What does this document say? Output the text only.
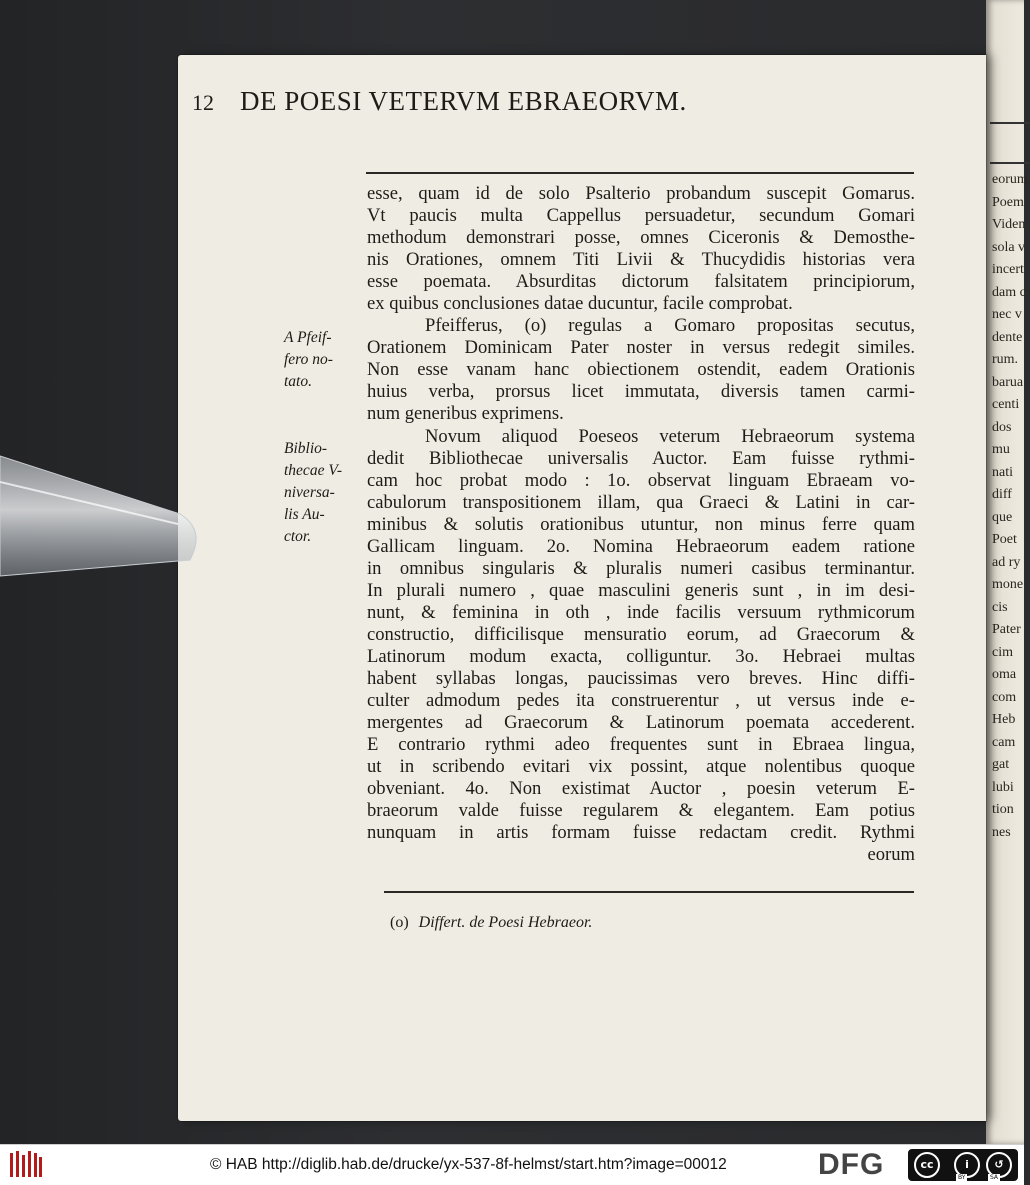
eorum
Poem
Viden
sola v
incert
dam c
nec v
dente
rum.
barua
centi
dos
mu
nati
diff
que
Poet
ad ry
mone
cis
Pater
cim
oma
com
Heb
cam
gat
lubi
tion
nes
12 DE POESI VETERVM EBRAEORVM.
esse, quam id de solo Psalterio probandum suscepit Gomarus.
Vt paucis multa Cappellus persuadetur, secundum Gomari
methodum demonstrari posse, omnes Ciceronis & Demosthe-
nis Orationes, omnem Titi Livii & Thucydidis historias vera
esse poemata. Absurditas dictorum falsitatem principiorum,
ex quibus conclusiones datae ducuntur, facile comprobat.
Pfeifferus, (o) regulas a Gomaro propositas secutus,
Orationem Dominicam Pater noster in versus redegit similes.
Non esse vanam hanc obiectionem ostendit, eadem Orationis
huius verba, prorsus licet immutata, diversis tamen carmi-
num generibus exprimens.
Novum aliquod Poeseos veterum Hebraeorum systema
dedit Bibliothecae universalis Auctor. Eam fuisse rythmi-
cam hoc probat modo : 1o. observat linguam Ebraeam vo-
cabulorum transpositionem illam, qua Graeci & Latini in car-
minibus & solutis orationibus utuntur, non minus ferre quam
Gallicam linguam. 2o. Nomina Hebraeorum eadem ratione
in omnibus singularis & pluralis numeri casibus terminantur.
In plurali numero , quae masculini generis sunt , in im desi-
nunt, & feminina in oth , inde facilis versuum rythmicorum
constructio, difficilisque mensuratio eorum, ad Graecorum &
Latinorum modum exacta, colliguntur. 3o. Hebraei multas
habent syllabas longas, paucissimas vero breves. Hinc diffi-
culter admodum pedes ita construerentur , ut versus inde e-
mergentes ad Graecorum & Latinorum poemata accederent.
E contrario rythmi adeo frequentes sunt in Ebraea lingua,
ut in scribendo evitari vix possint, atque nolentibus quoque
obveniant. 4o. Non existimat Auctor , poesin veterum E-
braeorum valde fuisse regularem & elegantem. Eam potius
nunquam in artis formam fuisse redactam credit. Rythmi
eorum
A Pfeif-
fero no-
tato.
Biblio-
thecae V-
niversa-
lis Au-
ctor.
(o) Differt. de Poesi Hebraeor.
© HAB http://diglib.hab.de/drucke/yx-537-8f-helmst/start.htm?image=00012	DFG	cc	i	↺
BY	SA
